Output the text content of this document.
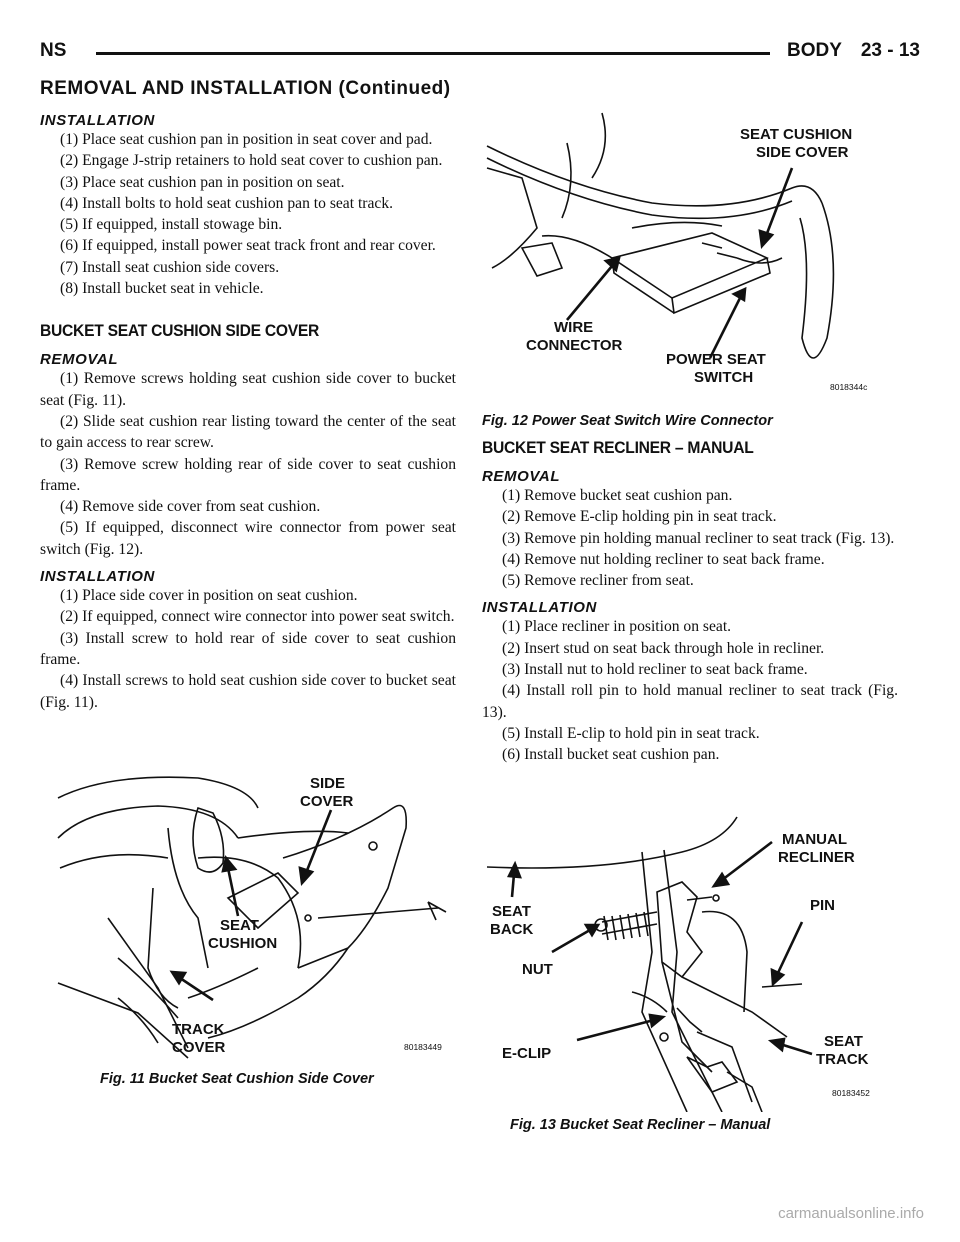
NS	BODY 23 - 13
REMOVAL AND INSTALLATION (Continued)
INSTALLATION

(1) Place seat cushion pan in position in seat cover and pad.

(2) Engage J-strip retainers to hold seat cover to cushion pan.

(3) Place seat cushion pan in position on seat.

(4) Install bolts to hold seat cushion pan to seat track.

(5) If equipped, install stowage bin.

(6) If equipped, install power seat track front and rear cover.

(7) Install seat cushion side covers.

(8) Install bucket seat in vehicle.

BUCKET SEAT CUSHION SIDE COVER
REMOVAL

(1) Remove screws holding seat cushion side cover to bucket seat (Fig. 11).

(2) Slide seat cushion rear listing toward the center of the seat to gain access to rear screw.

(3) Remove screw holding rear of side cover to seat cushion frame.

(4) Remove side cover from seat cushion.

(5) If equipped, disconnect wire connector from power seat switch (Fig. 12).

INSTALLATION

(1) Place side cover in position on seat cushion.

(2) If equipped, connect wire connector into power seat switch.

(3) Install screw to hold rear of side cover to seat cushion frame.

(4) Install screws to hold seat cushion side cover to bucket seat (Fig. 11).

SIDE
COVER
SEAT
CUSHION
TRACK
COVER	80183449
Fig. 11 Bucket Seat Cushion Side Cover
SEAT CUSHION
SIDE COVER
WIRE
CONNECTOR
POWER SEAT
SWITCH
8018344c
Fig. 12 Power Seat Switch Wire Connector
BUCKET SEAT RECLINER – MANUAL
REMOVAL

(1) Remove bucket seat cushion pan.

(2) Remove E-clip holding pin in seat track.

(3) Remove pin holding manual recliner to seat track (Fig. 13).

(4) Remove nut holding recliner to seat back frame.

(5) Remove recliner from seat.

INSTALLATION

(1) Place recliner in position on seat.

(2) Insert stud on seat back through hole in recliner.

(3) Install nut to hold recliner to seat back frame.

(4) Install roll pin to hold manual recliner to seat track (Fig. 13).

(5) Install E-clip to hold pin in seat track.

(6) Install bucket seat cushion pan.

MANUAL
RECLINER
SEAT
BACK
PIN
NUT
E-CLIP
SEAT
TRACK
80183452
Fig. 13 Bucket Seat Recliner – Manual
carmanualsonline.info
